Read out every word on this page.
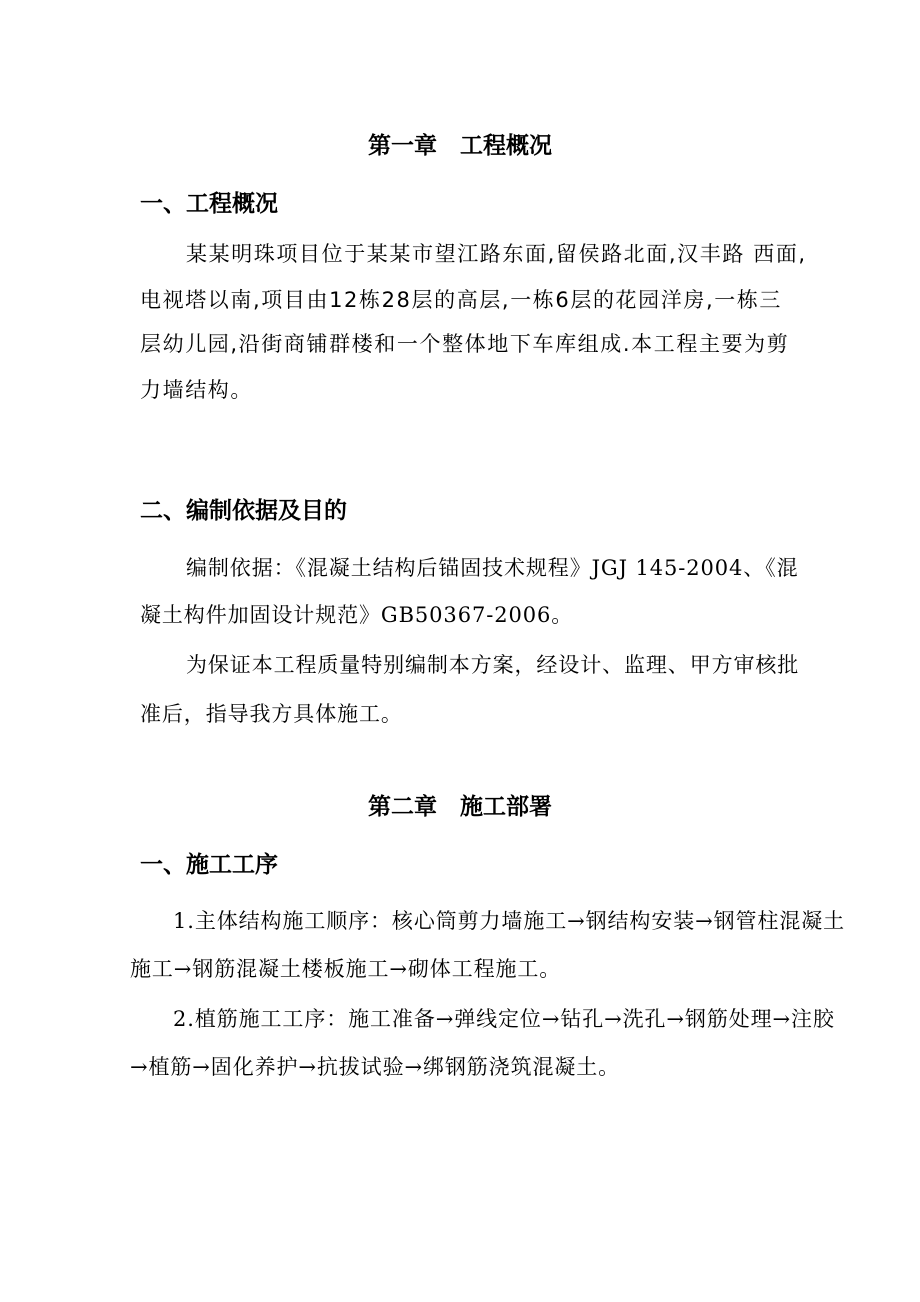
第一章　工程概况
一、工程概况
某某明珠项目位于某某市望江路东面,留侯路北面,汉丰路 西面,
电视塔以南,项目由12栋28层的高层,一栋6层的花园洋房,一栋三
层幼儿园,沿街商铺群楼和一个整体地下车库组成.本工程主要为剪
力墙结构。
二、编制依据及目的
编制依据：《混凝土结构后锚固技术规程》JGJ 145-2004、《混
凝土构件加固设计规范》GB50367-2006。
为保证本工程质量特别编制本方案，经设计、监理、甲方审核批
准后，指导我方具体施工。
第二章　施工部署
一、施工工序
1.主体结构施工顺序：核心筒剪力墙施工→钢结构安装→钢管柱混凝土
施工→钢筋混凝土楼板施工→砌体工程施工。
2.植筋施工工序：施工准备→弹线定位→钻孔→洗孔→钢筋处理→注胶
→植筋→固化养护→抗拔试验→绑钢筋浇筑混凝土。
